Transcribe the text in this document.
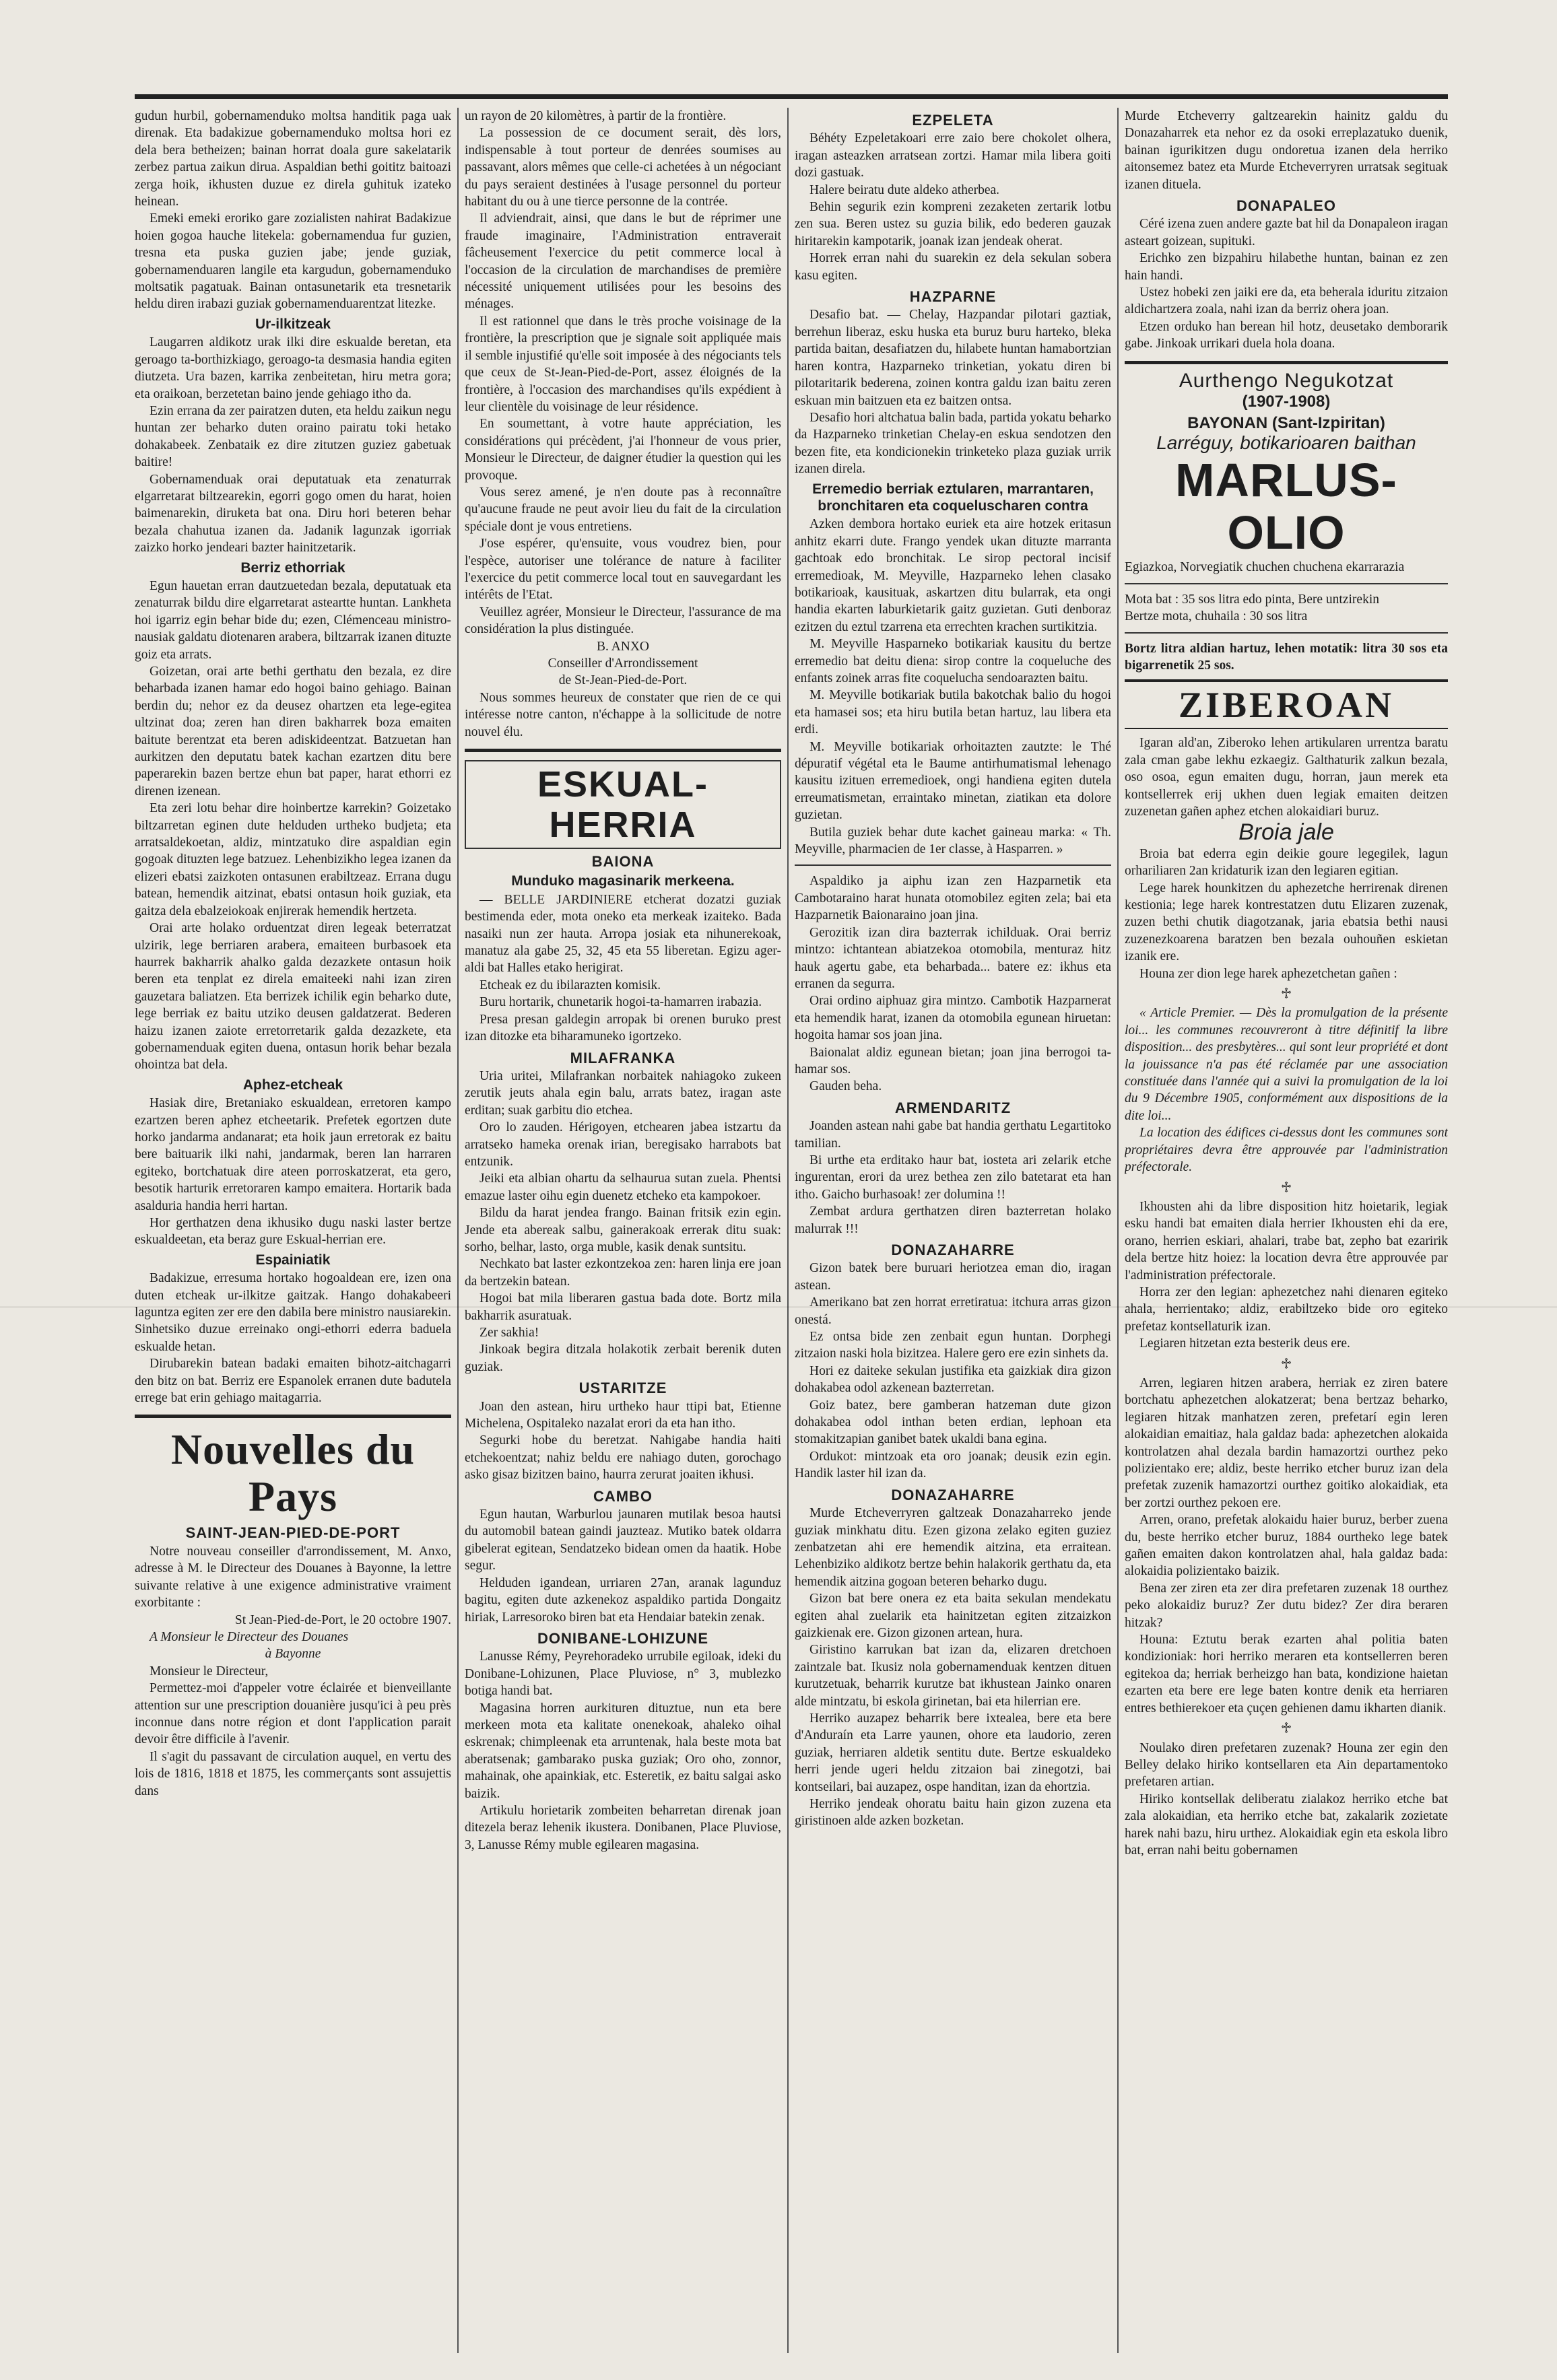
gudun hurbil, gobernamenduko moltsa handitik paga uak direnak. Eta badakizue gobernamenduko moltsa hori ez dela bera betheizen; bainan horrat doala gure sakelatarik zerbez partua zaikun dirua. Aspaldian bethi goititz baitoazi zerga hoik, ikhusten duzue ez direla guhituk izateko heinean.

Emeki emeki eroriko gare zozialisten nahirat Badakizue hoien gogoa hauche litekela: gobernamendua fur guzien, tresna eta puska guzien jabe; jende guziak, gobernamenduaren langile eta kargudun, gobernamenduko moltsatik pagatuak. Bainan ontasunetarik eta tresnetarik heldu diren irabazi guziak gobernamenduarentzat litezke.

Ur-ilkitzeak

Laugarren aldikotz urak ilki dire eskualde beretan, eta geroago ta-borthizkiago, geroago-ta desmasia handia egiten diutzeta. Ura bazen, karrika zenbeitetan, hiru metra gora; eta oraikoan, berzetetan baino jende gehiago itho da.

Ezin errana da zer pairatzen duten, eta heldu zaikun negu huntan zer beharko duten oraino pairatu toki hetako dohakabeek. Zenbataik ez dire zitutzen guziez gabetuak baitire!

Gobernamenduak orai deputatuak eta zenaturrak elgarretarat biltzearekin, egorri gogo omen du harat, hoien baimenarekin, diruketa bat ona. Diru hori beteren behar bezala chahutua izanen da. Jadanik lagunzak igorriak zaizko horko jendeari bazter hainitzetarik.

Berriz ethorriak

Egun hauetan erran dautzuetedan bezala, deputatuak eta zenaturrak bildu dire elgarretarat asteartte huntan. Lankheta hoi igarriz egin behar bide du; ezen, Clémenceau ministro-nausiak galdatu diotenaren arabera, biltzarrak izanen dituzte goiz eta arrats.

Goizetan, orai arte bethi gerthatu den bezala, ez dire beharbada izanen hamar edo hogoi baino gehiago. Bainan berdin du; nehor ez da deusez ohartzen eta lege-egitea ultzinat doa; zeren han diren bakharrek boza emaiten baitute berentzat eta beren adiskideentzat. Batzuetan han aurkitzen den deputatu batek kachan ezartzen ditu bere paperarekin bazen bertze ehun bat paper, harat ethorri ez direnen izenean.

Eta zeri lotu behar dire hoinbertze karrekin? Goizetako biltzarretan eginen dute helduden urtheko budjeta; eta arratsaldekoetan, aldiz, mintzatuko dire aspaldian egin gogoak dituzten lege batzuez. Lehenbizikho legea izanen da elizeri ebatsi zaizkoten ontasunen erabiltzeaz. Errana dugu batean, hemendik aitzinat, ebatsi ontasun hoik guziak, eta gaitza dela ebalzeiokoak enjirerak hemendik hertzeta.

Orai arte holako orduentzat diren legeak beterratzat ulzirik, lege berriaren arabera, emaiteen burbasoek eta haurrek bakharrik ahalko galda dezazkete ontasun hoik beren eta tenplat ez direla emaiteeki nahi izan ziren gauzetara baliatzen. Eta berrizek ichilik egin beharko dute, lege berriak ez baitu utziko deusen galdatzerat. Bederen haizu izanen zaiote erretorretarik galda dezazkete, eta gobernamenduak egiten duena, ontasun horik behar bezala ohointza bat dela.

Aphez-etcheak

Hasiak dire, Bretaniako eskualdean, erretoren kampo ezartzen beren aphez etcheetarik. Prefetek egortzen dute horko jandarma andanarat; eta hoik jaun erretorak ez baitu bere baituarik ilki nahi, jandarmak, beren lan harraren egiteko, bortchatuak dire ateen porroskatzerat, eta gero, besotik harturik erretoraren kampo emaitera. Hortarik bada asalduria handia herri hartan.

Hor gerthatzen dena ikhusiko dugu naski laster bertze eskualdeetan, eta beraz gure Eskual-herrian ere.

Espainiatik

Badakizue, erresuma hortako hogoaldean ere, izen ona duten etcheak ur-ilkitze gaitzak. Hango dohakabeeri laguntza egiten zer ere den dabila bere ministro nausiarekin. Sinhetsiko duzue erreinako ongi-ethorri ederra baduela eskualde hetan.

Dirubarekin batean badaki emaiten bihotz-aitchagarri den bitz on bat. Berriz ere Espanolek erranen dute badutela errege bat erin gehiago maitagarria.

Nouvelles du Pays
SAINT-JEAN-PIED-DE-PORT

Notre nouveau conseiller d'arrondissement, M. Anxo, adresse à M. le Directeur des Douanes à Bayonne, la lettre suivante relative à une exigence administrative vraiment exorbitante :

St Jean-Pied-de-Port, le 20 octobre 1907.

A Monsieur le Directeur des Douanes

à Bayonne

Monsieur le Directeur,

Permettez-moi d'appeler votre éclairée et bienveillante attention sur une prescription douanière jusqu'ici à peu près inconnue dans notre région et dont l'application parait devoir être difficile à l'avenir.

Il s'agit du passavant de circulation auquel, en vertu des lois de 1816, 1818 et 1875, les commerçants sont assujettis dans

un rayon de 20 kilomètres, à partir de la frontière.

La possession de ce document serait, dès lors, indispensable à tout porteur de denrées soumises au passavant, alors mêmes que celle-ci achetées à un négociant du pays seraient destinées à l'usage personnel du porteur habitant du ou à une tierce personne de la contrée.

Il adviendrait, ainsi, que dans le but de réprimer une fraude imaginaire, l'Administration entraverait fâcheusement l'exercice du petit commerce local à l'occasion de la circulation de marchandises de première nécessité uniquement utilisées pour les besoins des ménages.

Il est rationnel que dans le très proche voisinage de la frontière, la prescription que je signale soit appliquée mais il semble injustifié qu'elle soit imposée à des négociants tels que ceux de St-Jean-Pied-de-Port, assez éloignés de la frontière, à l'occasion des marchandises qu'ils expédient à leur clientèle du voisinage de leur résidence.

En soumettant, à votre haute appréciation, les considérations qui précèdent, j'ai l'honneur de vous prier, Monsieur le Directeur, de daigner étudier la question qui les provoque.

Vous serez amené, je n'en doute pas à reconnaître qu'aucune fraude ne peut avoir lieu du fait de la circulation spéciale dont je vous entretiens.

J'ose espérer, qu'ensuite, vous voudrez bien, pour l'espèce, autoriser une tolérance de nature à faciliter l'exercice du petit commerce local tout en sauvegardant les intérêts de l'Etat.

Veuillez agréer, Monsieur le Directeur, l'assurance de ma considération la plus distinguée.

B. ANXO

Conseiller d'Arrondissement

de St-Jean-Pied-de-Port.

Nous sommes heureux de constater que rien de ce qui intéresse notre canton, n'échappe à la sollicitude de notre nouvel élu.

ESKUAL-HERRIA
BAIONA
Munduko magasinarik merkeena.

— BELLE JARDINIERE etcherat dozatzi guziak bestimenda eder, mota oneko eta merkeak izaiteko. Bada nasaiki nun zer hauta. Arropa josiak eta nihunerekoak, manatuz ala gabe 25, 32, 45 eta 55 liberetan. Egizu ager-aldi bat Halles etako herigirat.

Etcheak ez du ibilarazten komisik.

Buru hortarik, chunetarik hogoi-ta-hamarren irabazia.

Presa presan galdegin arropak bi orenen buruko prest izan ditozke eta biharamuneko igortzeko.

MILAFRANKA

Uria uritei, Milafrankan norbaitek nahiagoko zukeen zerutik jeuts ahala egin balu, arrats batez, iragan aste erditan; suak garbitu dio etchea.

Oro lo zauden. Hérigoyen, etchearen jabea istzartu da arratseko hameka orenak irian, beregisako harrabots bat entzunik.

Jeiki eta albian ohartu da selhaurua sutan zuela. Phentsi emazue laster oihu egin duenetz etcheko eta kampokoer.

Bildu da harat jendea frango. Bainan fritsik ezin egin. Jende eta abereak salbu, gainerakoak errerak ditu suak: sorho, belhar, lasto, orga muble, kasik denak suntsitu.

Nechkato bat laster ezkontzekoa zen: haren linja ere joan da bertzekin batean.

Hogoi bat mila liberaren gastua bada dote. Bortz mila bakharrik asuratuak.

Zer sakhia!

Jinkoak begira ditzala holakotik zerbait berenik duten guziak.

USTARITZE

Joan den astean, hiru urtheko haur ttipi bat, Etienne Michelena, Ospitaleko nazalat erori da eta han itho.

Segurki hobe du beretzat. Nahigabe handia haiti etchekoentzat; nahiz beldu ere nahiago duten, gorochago asko gisaz bizitzen baino, haurra zerurat joaiten ikhusi.

CAMBO

Egun hautan, Warburlou jaunaren mutilak besoa hautsi du automobil batean gaindi jauzteaz. Mutiko batek oldarra gibelerat egitean, Sendatzeko bidean omen da haatik. Hobe segur.

Helduden igandean, urriaren 27an, aranak lagunduz bagitu, egiten dute azkenekoz aspaldiko partida Dongaitz hiriak, Larresoroko biren bat eta Hendaiar batekin zenak.

DONIBANE-LOHIZUNE

Lanusse Rémy, Peyrehoradeko urrubile egiloak, ideki du Donibane-Lohizunen, Place Pluviose, n° 3, mublezko botiga handi bat.

Magasina horren aurkituren dituztue, nun eta bere merkeen mota eta kalitate onenekoak, ahaleko oihal eskrenak; chimpleenak eta arruntenak, hala beste mota bat aberatsenak; gambarako puska guziak; Oro oho, zonnor, mahainak, ohe apainkiak, etc. Esteretik, ez baitu salgai asko baizik.

Artikulu horietarik zombeiten beharretan direnak joan ditezela beraz lehenik ikustera. Donibanen, Place Pluviose, 3, Lanusse Rémy muble egilearen magasina.

EZPELETA

Béhéty Ezpeletakoari erre zaio bere chokolet olhera, iragan asteazken arratsean zortzi. Hamar mila libera goiti dozi gastuak.

Halere beiratu dute aldeko atherbea.

Behin segurik ezin kompreni zezaketen zertarik lotbu zen sua. Beren ustez su guzia bilik, edo bederen gauzak hiritarekin kampotarik, joanak izan jendeak oherat.

Horrek erran nahi du suarekin ez dela sekulan sobera kasu egiten.

HAZPARNE

Desafio bat. — Chelay, Hazpandar pilotari gaztiak, berrehun liberaz, esku huska eta buruz buru harteko, bleka partida baitan, desafiatzen du, hilabete huntan hamabortzian haren kontra, Hazparneko trinketian, yokatu diren bi pilotaritarik bederena, zoinen kontra galdu izan baitu zeren eskuan min baitzuen eta ez baitzen ontsa.

Desafio hori altchatua balin bada, partida yokatu beharko da Hazparneko trinketian Chelay-en eskua sendotzen den bezen fite, eta kondicionekin trinketeko plaza guziak urrik izanen direla.

Erremedio berriak eztularen, marrantaren, bronchitaren eta coqueluscharen contra

Azken dembora hortako euriek eta aire hotzek eritasun anhitz ekarri dute. Frango yendek ukan dituzte marranta gachtoak edo bronchitak. Le sirop pectoral incisif erremedioak, M. Meyville, Hazparneko lehen clasako botikarioak, kausituak, askartzen ditu bularrak, eta ongi handia ekarten laburkietarik gaitz guzietan. Guti denboraz ezitzen du eztul tzarrena eta errechten krachen surtikitzia.

M. Meyville Hasparneko botikariak kausitu du bertze erremedio bat deitu diena: sirop contre la coqueluche des enfants zoinek arras fite coquelucha sendoarazten baitu.

M. Meyville botikariak butila bakotchak balio du hogoi eta hamasei sos; eta hiru butila betan hartuz, lau libera eta erdi.

M. Meyville botikariak orhoitazten zautzte: le Thé dépuratif végétal eta le Baume antirhumatismal lehenago kausitu izituen erremedioek, ongi handiena egiten dutela erreumatismetan, erraintako minetan, ziatikan eta dolore guzietan.

Butila guziek behar dute kachet gaineau marka: « Th. Meyville, pharmacien de 1er classe, à Hasparren. »

Aspaldiko ja aiphu izan zen Hazparnetik eta Cambotaraino harat hunata otomobilez egiten zela; bai eta Hazparnetik Baionaraino joan jina.

Gerozitik izan dira bazterrak ichilduak. Orai berriz mintzo: ichtantean abiatzekoa otomobila, menturaz hitz hauk agertu gabe, eta beharbada... batere ez: ikhus eta erranen da segurra.

Orai ordino aiphuaz gira mintzo. Cambotik Hazparnerat eta hemendik harat, izanen da otomobila egunean hiruetan: hogoita hamar sos joan jina.

Baionalat aldiz egunean bietan; joan jina berrogoi ta-hamar sos.

Gauden beha.

ARMENDARITZ

Joanden astean nahi gabe bat handia gerthatu Legartitoko tamilian.

Bi urthe eta erditako haur bat, iosteta ari zelarik etche ingurentan, erori da urez bethea zen zilo batetarat eta han itho. Gaicho burhasoak! zer dolumina !!

Zembat ardura gerthatzen diren bazterretan holako malurrak !!!

DONAZAHARRE

Gizon batek bere buruari heriotzea eman dio, iragan astean.

Amerikano bat zen horrat erretiratua: itchura arras gizon onestá.

Ez ontsa bide zen zenbait egun huntan. Dorphegi zitzaion naski hola bizitzea. Halere gero ere ezin sinhets da.

Hori ez daiteke sekulan justifika eta gaizkiak dira gizon dohakabea odol azkenean bazterretan.

Goiz batez, bere gamberan hatzeman dute gizon dohakabea odol inthan beten erdian, lephoan eta stomakitzapian ganibet batek ukaldi bana egina.

Ordukot: mintzoak eta oro joanak; deusik ezin egin. Handik laster hil izan da.

DONAZAHARRE

Murde Etcheverryren galtzeak Donazaharreko jende guziak minkhatu ditu. Ezen gizona zelako egiten guziez zenbatzetan ahi ere hemendik aitzina, eta erraitean. Lehenbiziko aldikotz bertze behin halakorik gerthatu da, eta hemendik aitzina gogoan beteren beharko dugu.

Gizon bat bere onera ez eta baita sekulan mendekatu egiten ahal zuelarik eta hainitzetan egiten zitzaizkon gaizkienak ere. Gizon gizonen artean, hura.

Giristino karrukan bat izan da, elizaren dretchoen zaintzale bat. Ikusiz nola gobernamenduak kentzen dituen kurutzetuak, beharrik kurutze bat ikhustean Jainko onaren alde mintzatu, bi eskola girinetan, bai eta hilerrian ere.

Herriko auzapez beharrik bere ixtealea, bere eta bere d'Anduraín eta Larre yaunen, ohore eta laudorio, zeren guziak, herriaren aldetik sentitu dute. Bertze eskualdeko herri jende ugeri heldu zitzaion bai zinegotzi, bai kontseilari, bai auzapez, ospe handitan, izan da ehortzia.

Herriko jendeak ohoratu baitu hain gizon zuzena eta giristinoen alde azken bozketan.

Murde Etcheverry galtzearekin hainitz galdu du Donazaharrek eta nehor ez da osoki erreplazatuko duenik, bainan igurikitzen dugu ondoretua izanen dela herriko aitonsemez batez eta Murde Etcheverryren urratsak segituak izanen dituela.

DONAPALEO

Céré izena zuen andere gazte bat hil da Donapaleon iragan asteart goizean, supituki.

Erichko zen bizpahiru hilabethe huntan, bainan ez zen hain handi.

Ustez hobeki zen jaiki ere da, eta beherala iduritu zitzaion aldichartzera zoala, nahi izan da berriz ohera joan.

Etzen orduko han berean hil hotz, deusetako demborarik gabe. Jinkoak urrikari duela hola doana.

Aurthengo Negukotzat
(1907-1908)
BAYONAN (Sant-Izpiritan)
Larréguy, botikarioaren baithan
MARLUS-OLIO

Egiazkoa, Norvegiatik chuchen chuchena ekarrarazia

Mota bat : 35 sos litra edo pinta, Bere untzirekin

Bertze mota, chuhaila : 30 sos litra

Bortz litra aldian hartuz, lehen motatik: litra 30 sos eta bigarrenetik 25 sos.

ZIBEROAN

Igaran ald'an, Ziberoko lehen artikularen urrentza baratu zala cman gabe lekhu ezkaegiz. Galthaturik zalkun bezala, oso osoa, egun emaiten dugu, horran, jaun merek eta kontsellerrek erij ukhen duen legiak emaiten deitzen zuzenetan gañen aphez etchen alokaidiari buruz.

Broia jale

Broia bat ederra egin deikie goure legegilek, lagun orhariliaren 2an kridaturik izan den legiaren egitian.

Lege harek hounkitzen du aphezetche herrirenak direnen kestionia; lege harek kontrestatzen dutu Elizaren zuzenak, zuzen bethi chutik diagotzanak, jaria ebatsia bethi nausi zuzenezkoarena baratzen ben bezala ouhouñen eskietan izanik ere.

Houna zer dion lege harek aphezetchetan gañen :

♱

« Article Premier. — Dès la promulgation de la présente loi... les communes recouvreront à titre définitif la libre disposition... des presbytères... qui sont leur propriété et dont la jouissance n'a pas été réclamée par une association constituée dans l'année qui a suivi la promulgation de la loi du 9 Décembre 1905, conformément aux dispositions de la dite loi...

La location des édifices ci-dessus dont les communes sont propriétaires devra être approuvée par l'administration préfectorale.

♱

Ikhousten ahi da libre disposition hitz hoietarik, legiak esku handi bat emaiten diala herrier Ikhousten ehi da ere, orano, herrien eskiari, ahalari, trabe bat, zepho bat ezaririk dela bertze hitz hoiez: la location devra être approuvée par l'administration préfectorale.

Horra zer den legian: aphezetchez nahi dienaren egiteko ahala, herrientako; aldiz, erabiltzeko bide oro egiteko prefetaz kontsellaturik izan.

Legiaren hitzetan ezta besterik deus ere.

♱

Arren, legiaren hitzen arabera, herriak ez ziren batere bortchatu aphezetchen alokatzerat; bena bertzaz beharko, legiaren hitzak manhatzen zeren, prefetarí egin leren alokaidian emaitiaz, hala galdaz bada: aphezetchen alokaida kontrolatzen ahal dezala bardin hamazortzi ourthez peko polizientako ere; aldiz, beste herriko etcher buruz izan dela prefetak zuzenik hamazortzi ourthez goitiko alokaidiak, eta ber zortzi ourthez pekoen ere.

Arren, orano, prefetak alokaidu haier buruz, berber zuena du, beste herriko etcher buruz, 1884 ourtheko lege batek gañen emaiten dakon kontrolatzen ahal, hala galdaz bada: alokaidia polizientako baizik.

Bena zer ziren eta zer dira prefetaren zuzenak 18 ourthez peko alokaidiz buruz? Zer dutu bidez? Zer dira beraren hitzak?

Houna: Eztutu berak ezarten ahal politia baten kondizioniak: hori herriko meraren eta kontsellerren beren egitekoa da; herriak berheizgo han bata, kondizione haietan ezarten eta bere ere lege baten kontre denik eta herriaren entres bethierekoer eta çuçen gehienen damu ikharten dianik.

♱

Noulako diren prefetaren zuzenak? Houna zer egin den Belley delako hiriko kontsellaren eta Ain departamentoko prefetaren artian.

Hiriko kontsellak deliberatu zialakoz herriko etche bat zala alokaidian, eta herriko etche bat, zakalarik zozietate harek nahi bazu, hiru urthez. Alokaidiak egin eta eskola libro bat, erran nahi beitu gobernamen
